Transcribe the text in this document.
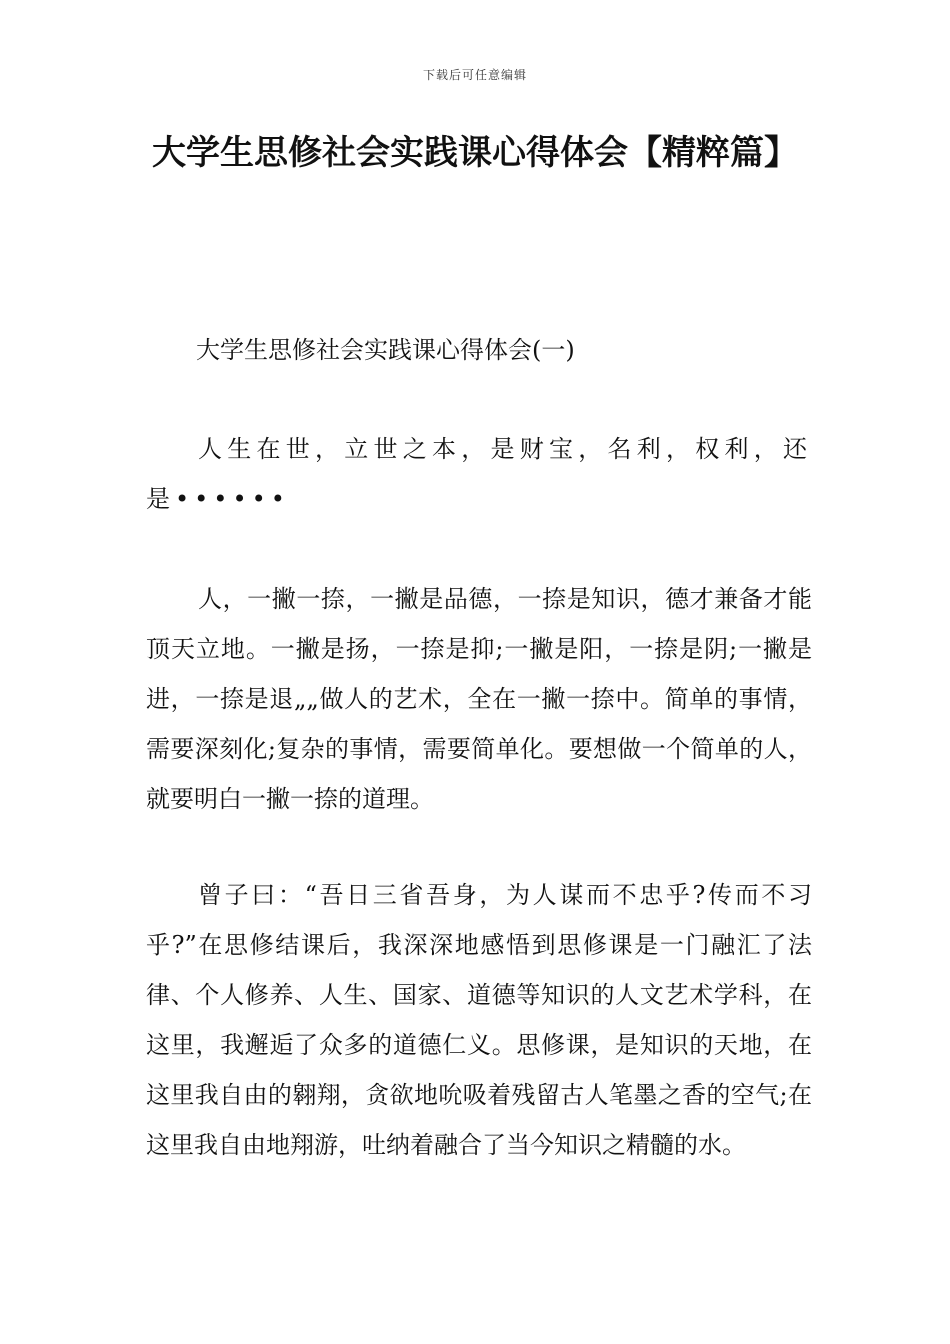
下载后可任意编辑
大学生思修社会实践课心得体会【精粹篇】
大学生思修社会实践课心得体会(一)

人生在世，立世之本，是财宝，名利，权利，还是••••••

人，一撇一捺，一撇是品德，一捺是知识，德才兼备才能顶天立地。一撇是扬，一捺是抑;一撇是阳，一捺是阴;一撇是进，一捺是退„„做人的艺术，全在一撇一捺中。简单的事情，需要深刻化;复杂的事情，需要简单化。要想做一个简单的人，就要明白一撇一捺的道理。

曾子曰：“吾日三省吾身，为人谋而不忠乎?传而不习乎?”在思修结课后，我深深地感悟到思修课是一门融汇了法律、个人修养、人生、国家、道德等知识的人文艺术学科，在这里，我邂逅了众多的道德仁义。思修课，是知识的天地，在这里我自由的翱翔，贪欲地吮吸着残留古人笔墨之香的空气;在这里我自由地翔游，吐纳着融合了当今知识之精髓的水。
